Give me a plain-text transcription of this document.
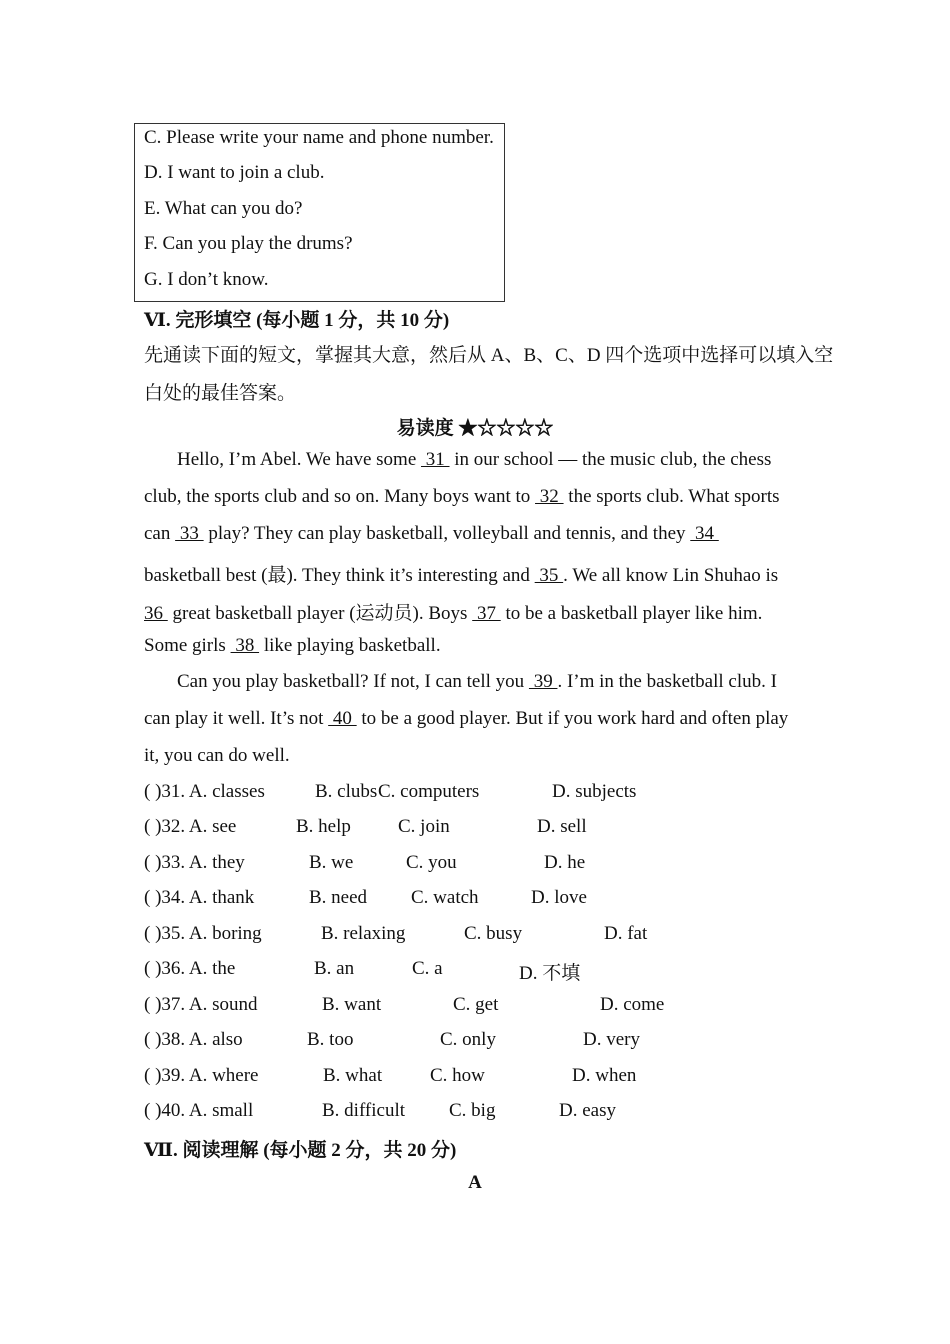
C. Please write your name and phone number.
D. I want to join a club.
E. What can you do?
F. Can you play the drums?
G. I don’t know.
Ⅵ. 完形填空 (每小题 1 分，共 10 分)
先通读下面的短文，掌握其大意，然后从 A、B、C、D 四个选项中选择可以填入空
白处的最佳答案。
易读度 ★☆☆☆☆
Hello, I’m Abel. We have some  31  in our school — the music club, the chess
club, the sports club and so on. Many boys want to  32  the sports club. What sports
can  33  play? They can play basketball, volleyball and tennis, and they  34
basketball best (最). They think it’s interesting and  35 . We all know Lin Shuhao is
36  great basketball player (运动员). Boys  37  to be a basketball player like him.
Some girls  38  like playing basketball.
Can you play basketball? If not, I can tell you  39 . I’m in the basketball club. I
can play it well. It’s not  40  to be a good player. But if you work hard and often play
it, you can do well.
( )31. A. classes	B. clubs C. computers	D. subjects
( )32. A. see	B. help C. join	D. sell
( )33. A. they	B. we	C. you	D. he
( )34. A. thank	B. need C. watch	D. love
( )35. A. boring	B. relaxing	C. busy	D. fat
( )36. A. the	B. an	C. a	D. 不填
( )37. A. sound	B. want	C. get	D. come
( )38. A. also	B. too	C. only	D. very
( )39. A. where	B. what	C. how	D. when
( )40. A. small	B. difficult C. big	D. easy
Ⅶ. 阅读理解 (每小题 2 分，共 20 分)
A
